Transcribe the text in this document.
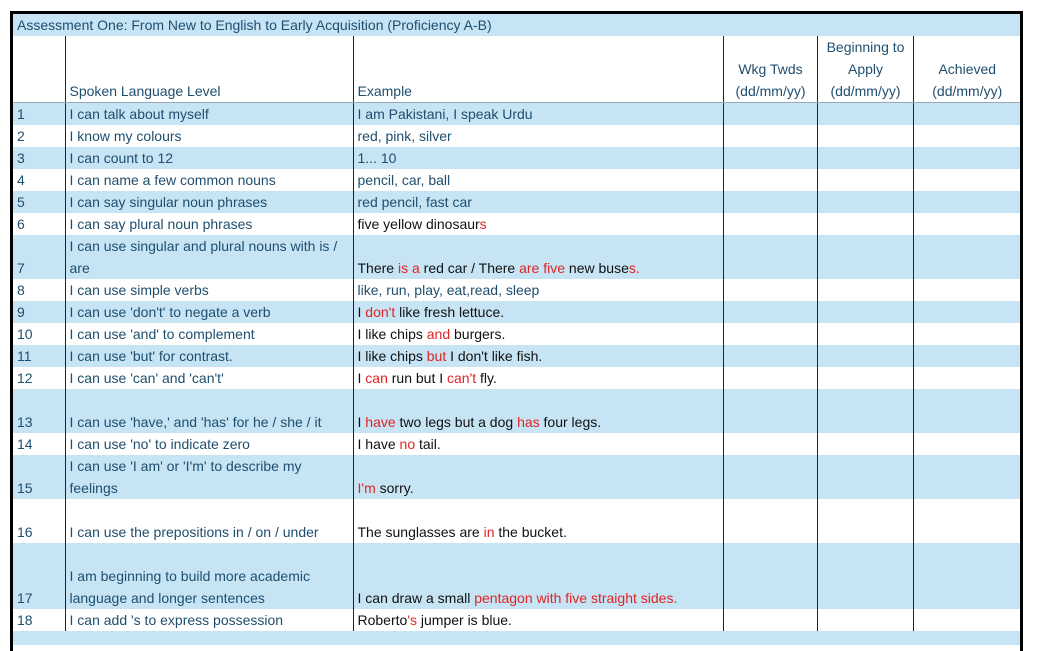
Assessment One: From New to English to Early Acquisition (Proficiency A-B)					
	Spoken Language Level	Example	Wkg Twds (dd/mm/yy)	Beginning to Apply (dd/mm/yy)	Achieved (dd/mm/yy)
1	I can talk about myself	I am Pakistani, I speak Urdu			
2	I know my colours	red, pink, silver			
3	I can count to 12	1... 10			
4	I can name a few common nouns	pencil, car, ball			
5	I can say singular noun phrases	red pencil, fast car			
6	I can say plural noun phrases	five yellow dinosaurs			
7	I can use singular and plural nouns with is / are	There is a red car / There are five new buses.			
8	I can use simple verbs	like, run, play, eat,read, sleep			
9	I can use 'don't' to negate a verb	I don't like fresh lettuce.			
10	I can use 'and' to complement	I like chips and burgers.			
11	I can use 'but' for contrast.	I like chips but I don't like fish.			
12	I can use 'can' and 'can't'	I can run but I can't fly.			
13	I can use 'have,' and 'has' for he / she / it	I have two legs but a dog has four legs.			
14	I can use 'no' to indicate zero	I have no tail.			
15	I can use 'I am' or 'I'm' to describe my feelings	I'm sorry.			
16	I can use the prepositions in / on / under	The sunglasses are in the bucket.			
17	I am beginning to build more academic language and longer sentences	I can draw a small pentagon with five straight sides.			
18	I can add 's to express possession	Roberto's jumper is blue.			
